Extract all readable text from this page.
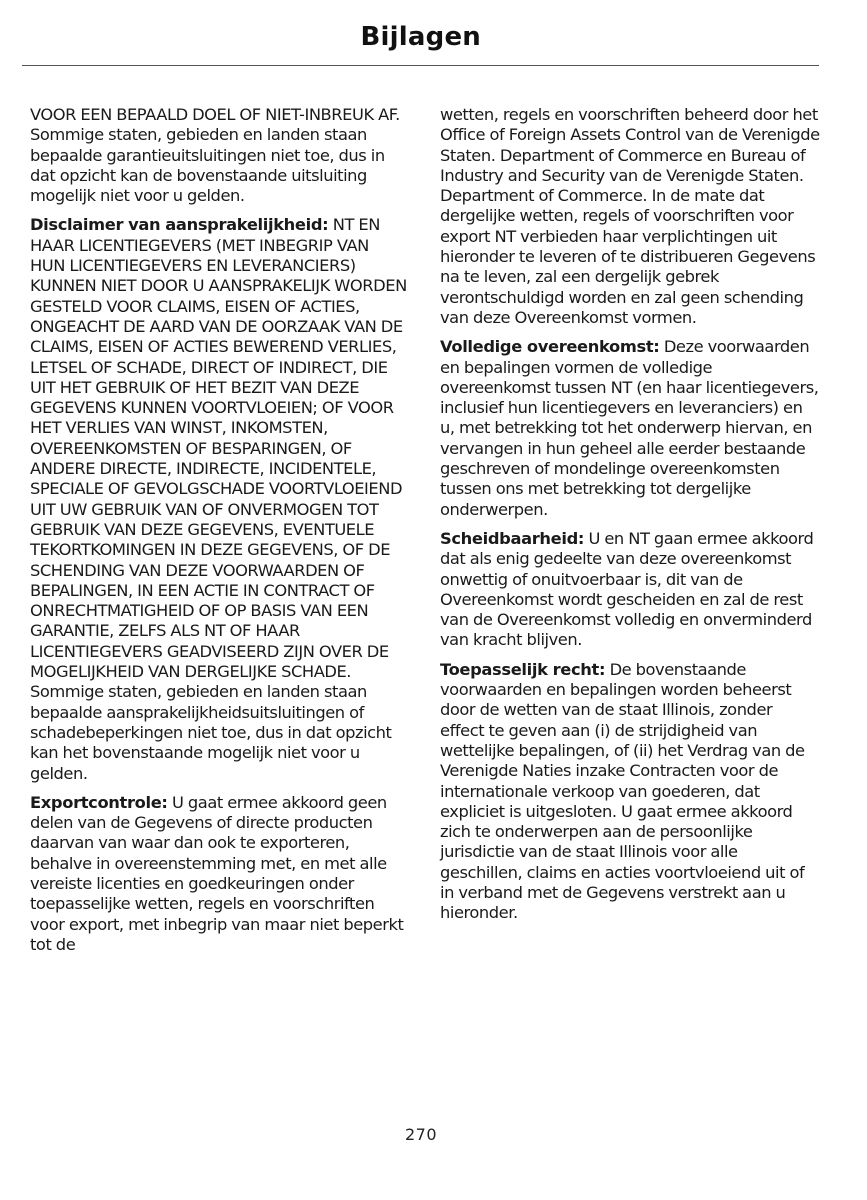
Bijlagen

VOOR EEN BEPAALD DOEL OF NIET-INBREUK AF. Sommige staten, gebieden en landen staan bepaalde garantieuitsluitingen niet toe, dus in dat opzicht kan de bovenstaande uitsluiting mogelijk niet voor u gelden.

Disclaimer van aansprakelijkheid: NT EN HAAR LICENTIEGEVERS (MET INBEGRIP VAN HUN LICENTIEGEVERS EN LEVERANCIERS) KUNNEN NIET DOOR U AANSPRAKELIJK WORDEN GESTELD VOOR CLAIMS, EISEN OF ACTIES, ONGEACHT DE AARD VAN DE OORZAAK VAN DE CLAIMS, EISEN OF ACTIES BEWEREND VERLIES, LETSEL OF SCHADE, DIRECT OF INDIRECT, DIE UIT HET GEBRUIK OF HET BEZIT VAN DEZE GEGEVENS KUNNEN VOORTVLOEIEN; OF VOOR HET VERLIES VAN WINST, INKOMSTEN, OVEREENKOMSTEN OF BESPARINGEN, OF ANDERE DIRECTE, INDIRECTE, INCIDENTELE, SPECIALE OF GEVOLGSCHADE VOORTVLOEIEND UIT UW GEBRUIK VAN OF ONVERMOGEN TOT GEBRUIK VAN DEZE GEGEVENS, EVENTUELE TEKORTKOMINGEN IN DEZE GEGEVENS, OF DE SCHENDING VAN DEZE VOORWAARDEN OF BEPALINGEN, IN EEN ACTIE IN CONTRACT OF ONRECHTMATIGHEID OF OP BASIS VAN EEN GARANTIE, ZELFS ALS NT OF HAAR LICENTIEGEVERS GEADVISEERD ZIJN OVER DE MOGELIJKHEID VAN DERGELIJKE SCHADE. Sommige staten, gebieden en landen staan bepaalde aansprakelijkheidsuitsluitingen of schadebeperkingen niet toe, dus in dat opzicht kan het bovenstaande mogelijk niet voor u gelden.

Exportcontrole: U gaat ermee akkoord geen delen van de Gegevens of directe producten daarvan van waar dan ook te exporteren, behalve in overeenstemming met, en met alle vereiste licenties en goedkeuringen onder toepasselijke wetten, regels en voorschriften voor export, met inbegrip van maar niet beperkt tot de

wetten, regels en voorschriften beheerd door het Office of Foreign Assets Control van de Verenigde Staten. Department of Commerce en Bureau of Industry and Security van de Verenigde Staten. Department of Commerce. In de mate dat dergelijke wetten, regels of voorschriften voor export NT verbieden haar verplichtingen uit hieronder te leveren of te distribueren Gegevens na te leven, zal een dergelijk gebrek verontschuldigd worden en zal geen schending van deze Overeenkomst vormen.

Volledige overeenkomst: Deze voorwaarden en bepalingen vormen de volledige overeenkomst tussen NT (en haar licentiegevers, inclusief hun licentiegevers en leveranciers) en u, met betrekking tot het onderwerp hiervan, en vervangen in hun geheel alle eerder bestaande geschreven of mondelinge overeenkomsten tussen ons met betrekking tot dergelijke onderwerpen.

Scheidbaarheid: U en NT gaan ermee akkoord dat als enig gedeelte van deze overeenkomst onwettig of onuitvoerbaar is, dit van de Overeenkomst wordt gescheiden en zal de rest van de Overeenkomst volledig en onverminderd van kracht blijven.

Toepasselijk recht: De bovenstaande voorwaarden en bepalingen worden beheerst door de wetten van de staat Illinois, zonder effect te geven aan (i) de strijdigheid van wettelijke bepalingen, of (ii) het Verdrag van de Verenigde Naties inzake Contracten voor de internationale verkoop van goederen, dat expliciet is uitgesloten. U gaat ermee akkoord zich te onderwerpen aan de persoonlijke jurisdictie van de staat Illinois voor alle geschillen, claims en acties voortvloeiend uit of in verband met de Gegevens verstrekt aan u hieronder.

270
